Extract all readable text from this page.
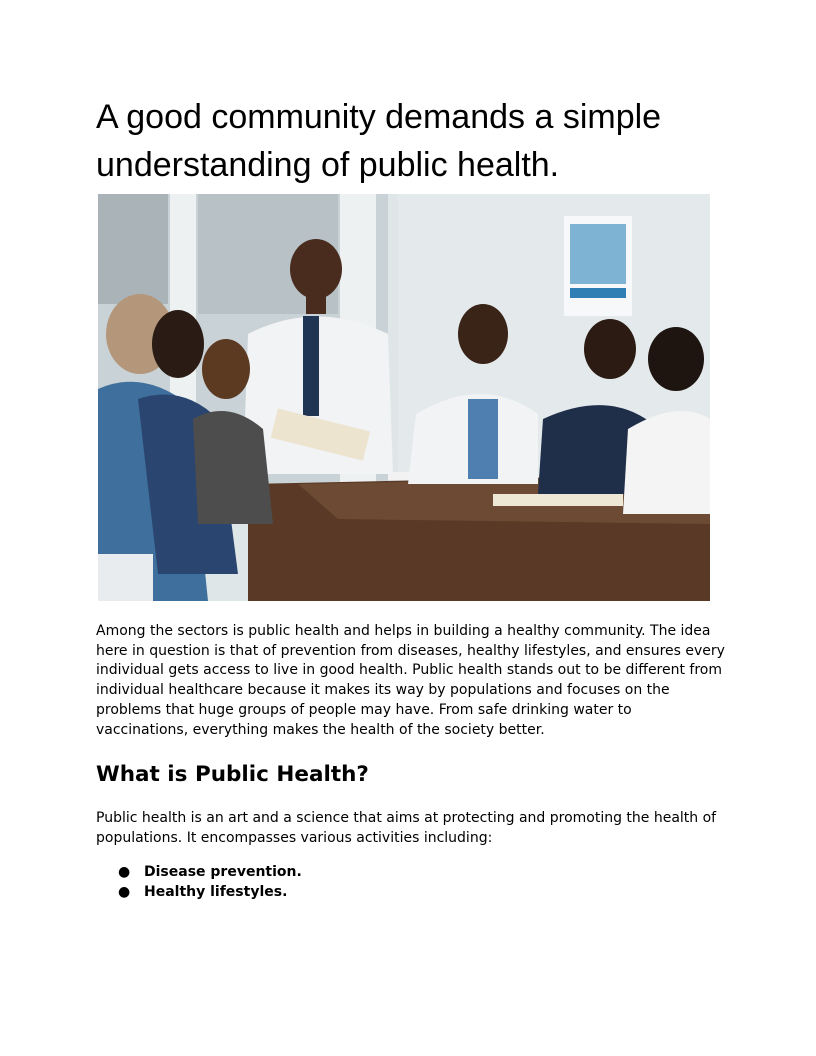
A good community demands a simple understanding of public health.

Among the sectors is public health and helps in building a healthy community. The idea here in question is that of prevention from diseases, healthy lifestyles, and ensures every individual gets access to live in good health. Public health stands out to be different from individual healthcare because it makes its way by populations and focuses on the problems that huge groups of people may have. From safe drinking water to vaccinations, everything makes the health of the society better.

What is Public Health?

Public health is an art and a science that aims at protecting and promoting the health of populations. It encompasses various activities including:

● Disease prevention.
● Healthy lifestyles.
